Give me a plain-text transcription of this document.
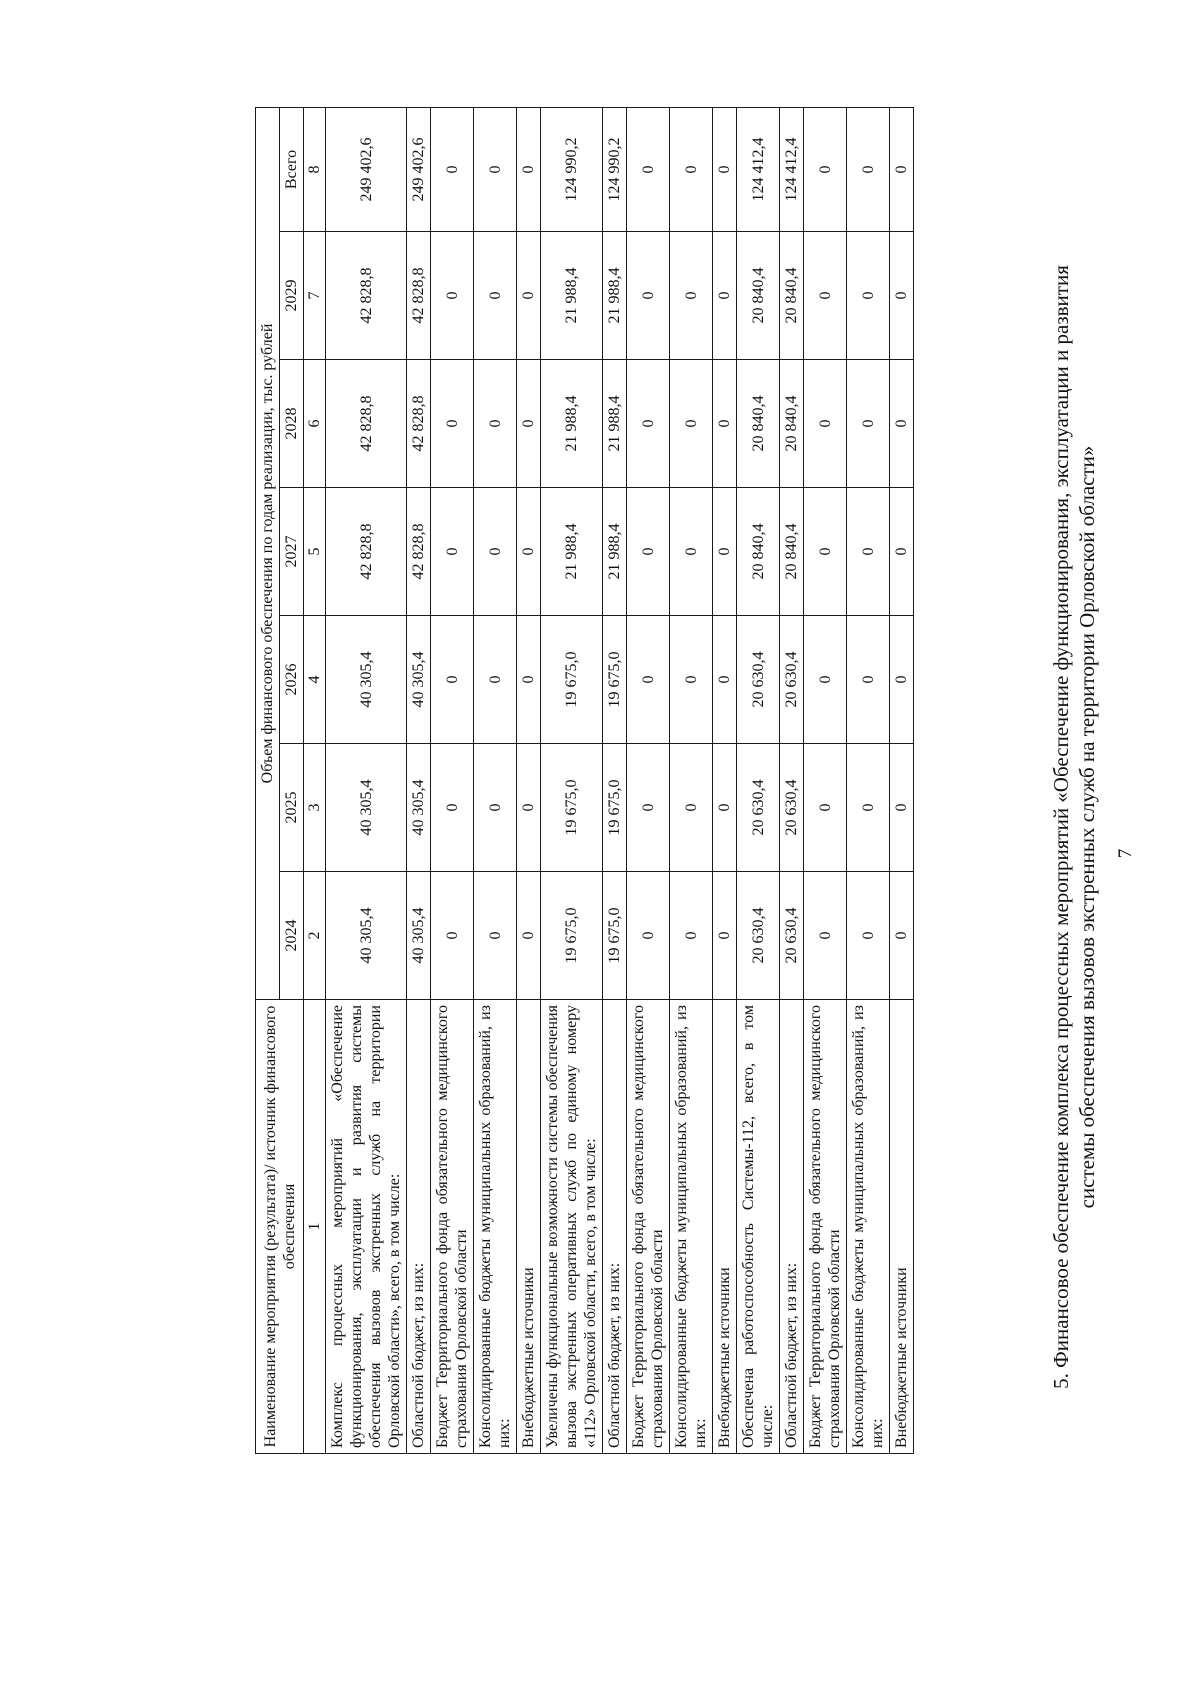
7
5. Финансовое обеспечение комплекса процессных мероприятий «Обеспечение функционирования, эксплуатации и развития системы обеспечения вызовов экстренных служб на территории Орловской области»
Наименование мероприятия (результата)/ источник финансового обеспечения	Объем финансового обеспечения по годам реализации, тыс. рублей						
	2024	2025	2026	2027	2028	2029	Всего
1	2	3	4	5	6	7	8
Комплекс процессных мероприятий «Обеспечение функционирования, эксплуатации и развития системы обеспечения вызовов экстренных служб на территории Орловской области», всего, в том числе:	40 305,4	40 305,4	40 305,4	42 828,8	42 828,8	42 828,8	249 402,6
Областной бюджет, из них:	40 305,4	40 305,4	40 305,4	42 828,8	42 828,8	42 828,8	249 402,6
Бюджет Территориального фонда обязательного медицинского страхования Орловской области	0	0	0	0	0	0	0
Консолидированные бюджеты муниципальных образований, из них:	0	0	0	0	0	0	0
Внебюджетные источники	0	0	0	0	0	0	0
Увеличены функциональные возможности системы обеспечения вызова экстренных оперативных служб по единому номеру «112» Орловской области, всего, в том числе:	19 675,0	19 675,0	19 675,0	21 988,4	21 988,4	21 988,4	124 990,2
Областной бюджет, из них:	19 675,0	19 675,0	19 675,0	21 988,4	21 988,4	21 988,4	124 990,2
Бюджет Территориального фонда обязательного медицинского страхования Орловской области	0	0	0	0	0	0	0
Консолидированные бюджеты муниципальных образований, из них:	0	0	0	0	0	0	0
Внебюджетные источники	0	0	0	0	0	0	0
Обеспечена работоспособность Системы-112, всего, в том числе:	20 630,4	20 630,4	20 630,4	20 840,4	20 840,4	20 840,4	124 412,4
Областной бюджет, из них:	20 630,4	20 630,4	20 630,4	20 840,4	20 840,4	20 840,4	124 412,4
Бюджет Территориального фонда обязательного медицинского страхования Орловской области	0	0	0	0	0	0	0
Консолидированные бюджеты муниципальных образований, из них:	0	0	0	0	0	0	0
Внебюджетные источники	0	0	0	0	0	0	0
